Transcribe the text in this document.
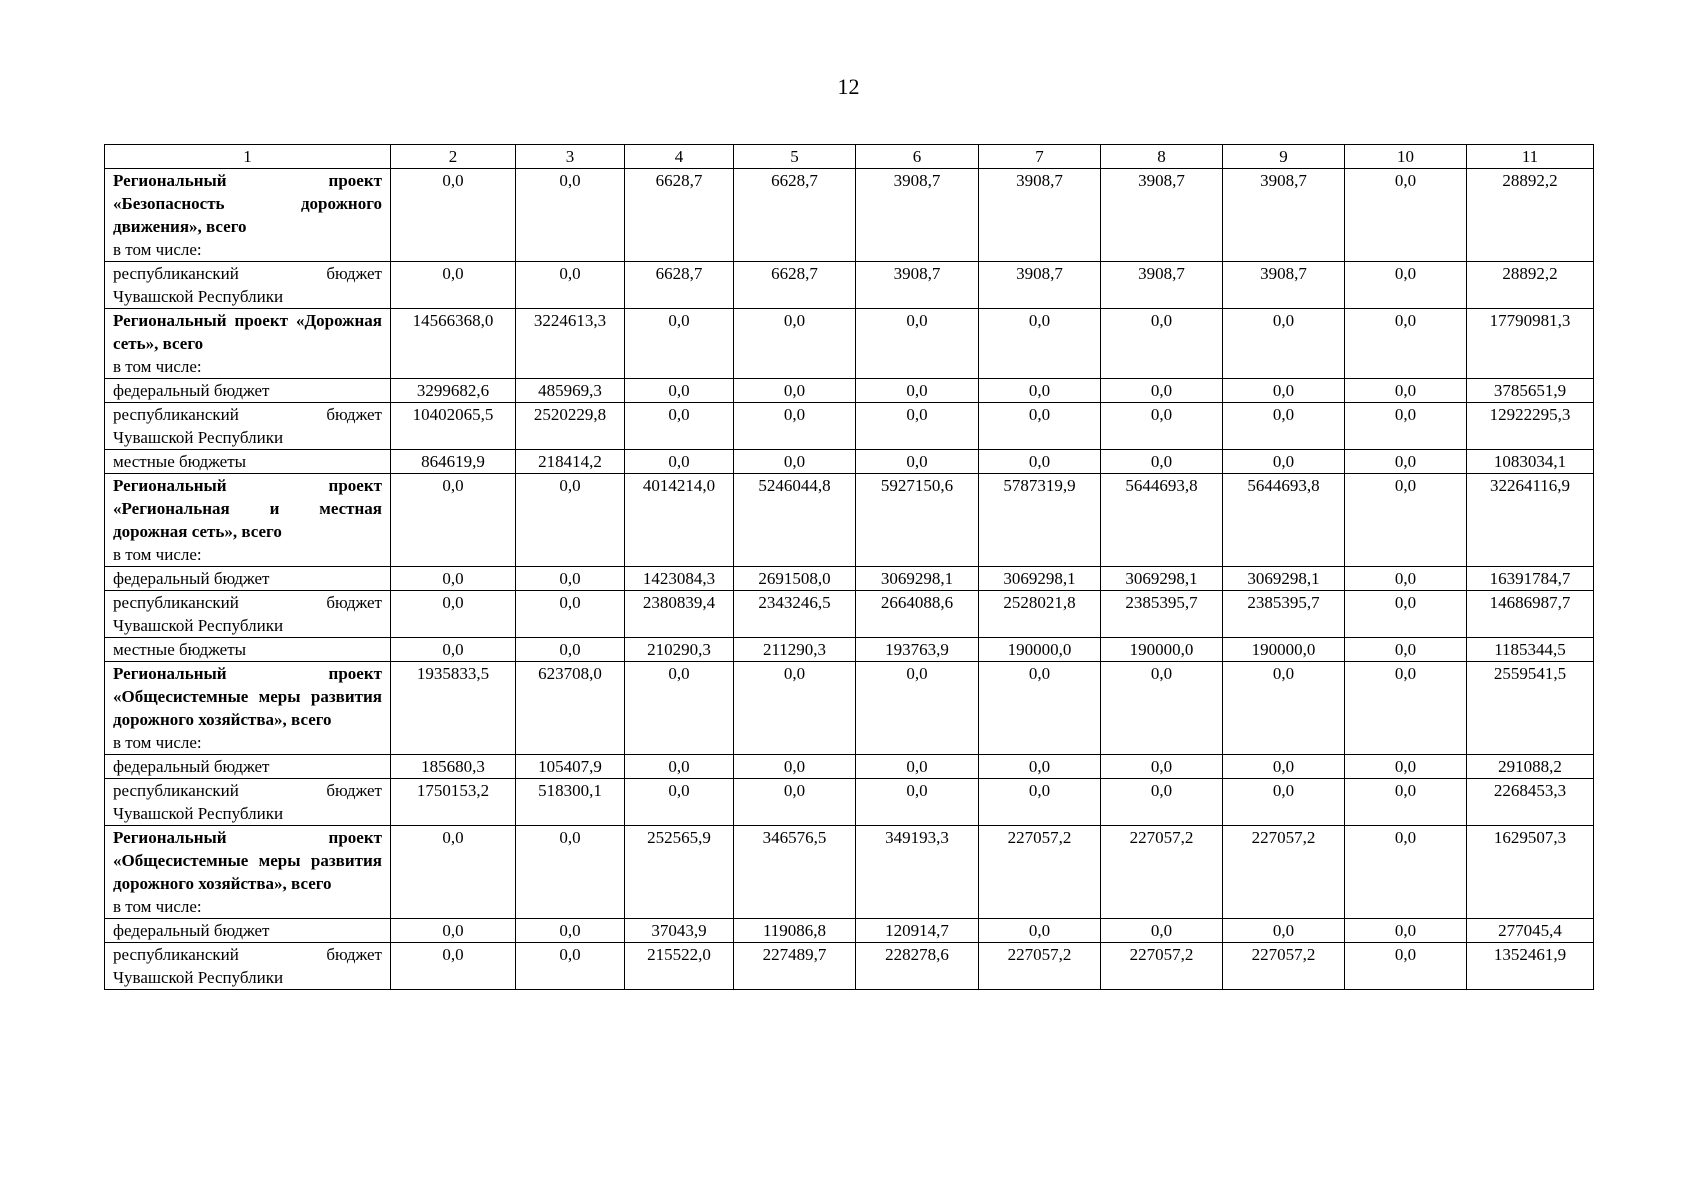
12
1	2	3	4	5	6	7	8	9	10	11

Региональный проект «Безопасность дорожного движения», всего
в том числе:	0,0	0,0	6628,7	6628,7	3908,7	3908,7	3908,7	3908,7	0,0	28892,2

республиканский бюджет Чувашской Республики	0,0	0,0	6628,7	6628,7	3908,7	3908,7	3908,7	3908,7	0,0	28892,2

Региональный проект «Дорожная сеть», всего
в том числе:	14566368,0	3224613,3	0,0	0,0	0,0	0,0	0,0	0,0	0,0	17790981,3

федеральный бюджет	3299682,6	485969,3	0,0	0,0	0,0	0,0	0,0	0,0	0,0	3785651,9

республиканский бюджет Чувашской Республики	10402065,5	2520229,8	0,0	0,0	0,0	0,0	0,0	0,0	0,0	12922295,3

местные бюджеты	864619,9	218414,2	0,0	0,0	0,0	0,0	0,0	0,0	0,0	1083034,1

Региональный проект «Региональная и местная дорожная сеть», всего
в том числе:	0,0	0,0	4014214,0	5246044,8	5927150,6	5787319,9	5644693,8	5644693,8	0,0	32264116,9

федеральный бюджет	0,0	0,0	1423084,3	2691508,0	3069298,1	3069298,1	3069298,1	3069298,1	0,0	16391784,7

республиканский бюджет Чувашской Республики	0,0	0,0	2380839,4	2343246,5	2664088,6	2528021,8	2385395,7	2385395,7	0,0	14686987,7

местные бюджеты	0,0	0,0	210290,3	211290,3	193763,9	190000,0	190000,0	190000,0	0,0	1185344,5

Региональный проект «Общесистемные меры развития дорожного хозяйства», всего
в том числе:	1935833,5	623708,0	0,0	0,0	0,0	0,0	0,0	0,0	0,0	2559541,5

федеральный бюджет	185680,3	105407,9	0,0	0,0	0,0	0,0	0,0	0,0	0,0	291088,2

республиканский бюджет Чувашской Республики	1750153,2	518300,1	0,0	0,0	0,0	0,0	0,0	0,0	0,0	2268453,3

Региональный проект «Общесистемные меры развития дорожного хозяйства», всего
в том числе:	0,0	0,0	252565,9	346576,5	349193,3	227057,2	227057,2	227057,2	0,0	1629507,3

федеральный бюджет	0,0	0,0	37043,9	119086,8	120914,7	0,0	0,0	0,0	0,0	277045,4

республиканский бюджет Чувашской Республики	0,0	0,0	215522,0	227489,7	228278,6	227057,2	227057,2	227057,2	0,0	1352461,9
